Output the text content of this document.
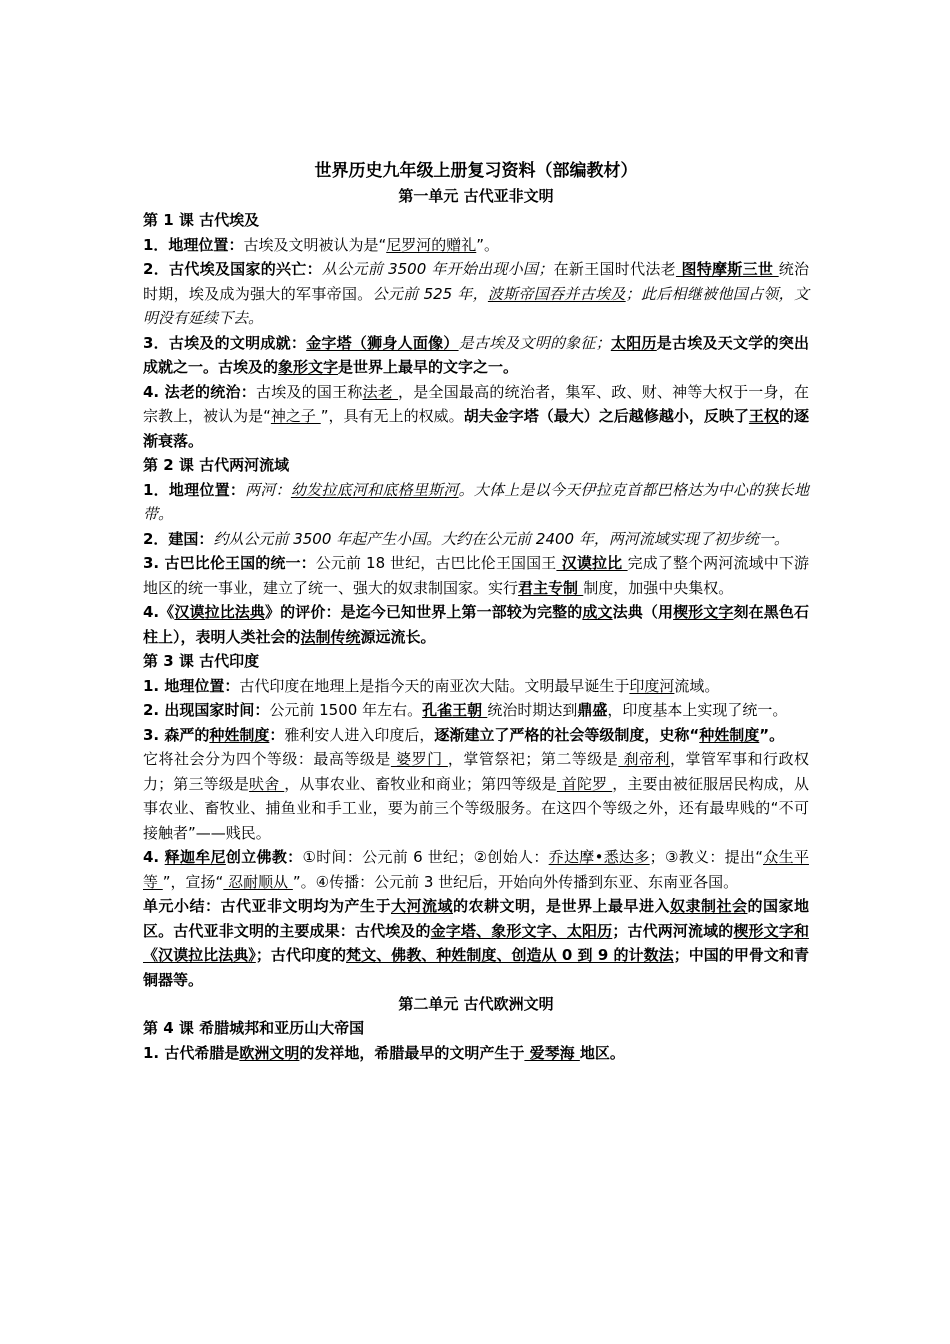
世界历史九年级上册复习资料（部编教材）
第一单元 古代亚非文明
第 1 课 古代埃及

1．地理位置：古埃及文明被认为是“尼罗河的赠礼”。

2．古代埃及国家的兴亡：从公元前 3500 年开始出现小国；在新王国时代法老 图特摩斯三世 统治时期，埃及成为强大的军事帝国。公元前 525 年，波斯帝国吞并古埃及；此后相继被他国占领，文明没有延续下去。

3．古埃及的文明成就：金字塔（狮身人面像）是古埃及文明的象征；太阳历是古埃及天文学的突出成就之一。古埃及的象形文字是世界上最早的文字之一。

4. 法老的统治：古埃及的国王称法老 ，是全国最高的统治者，集军、政、财、神等大权于一身，在宗教上，被认为是“神之子 ”，具有无上的权威。胡夫金字塔（最大）之后越修越小，反映了王权的逐渐衰落。

第 2 课 古代两河流域

1．地理位置：两河：幼发拉底河和底格里斯河。大体上是以今天伊拉克首都巴格达为中心的狭长地带。

2．建国：约从公元前 3500 年起产生小国。大约在公元前 2400 年，两河流域实现了初步统一。

3. 古巴比伦王国的统一：公元前 18 世纪，古巴比伦王国国王 汉谟拉比 完成了整个两河流域中下游地区的统一事业，建立了统一、强大的奴隶制国家。实行君主专制 制度，加强中央集权。

4.《汉谟拉比法典》的评价：是迄今已知世界上第一部较为完整的成文法典（用楔形文字刻在黑色石柱上），表明人类社会的法制传统源远流长。

第 3 课 古代印度

1. 地理位置：古代印度在地理上是指今天的南亚次大陆。文明最早诞生于印度河流域。

2. 出现国家时间：公元前 1500 年左右。孔雀王朝 统治时期达到鼎盛，印度基本上实现了统一。

3. 森严的种姓制度：雅利安人进入印度后，逐渐建立了严格的社会等级制度，史称“种姓制度”。

它将社会分为四个等级：最高等级是 婆罗门 ，掌管祭祀；第二等级是 刹帝利，掌管军事和行政权力；第三等级是吠舍 ，从事农业、畜牧业和商业；第四等级是 首陀罗 ，主要由被征服居民构成，从事农业、畜牧业、捕鱼业和手工业，要为前三个等级服务。在这四个等级之外，还有最卑贱的“不可接触者”——贱民。

4. 释迦牟尼创立佛教：①时间：公元前 6 世纪；②创始人：乔达摩•悉达多；③教义：提出“众生平等 ”，宣扬“ 忍耐顺从 ”。④传播：公元前 3 世纪后，开始向外传播到东亚、东南亚各国。

单元小结：古代亚非文明均为产生于大河流域的农耕文明，是世界上最早进入奴隶制社会的国家地区。古代亚非文明的主要成果：古代埃及的金字塔、象形文字、太阳历；古代两河流域的楔形文字和《汉谟拉比法典》；古代印度的梵文、佛教、种姓制度、创造从 0 到 9 的计数法；中国的甲骨文和青铜器等。

第二单元 古代欧洲文明
第 4 课 希腊城邦和亚历山大帝国

1. 古代希腊是欧洲文明的发祥地，希腊最早的文明产生于 爱琴海 地区。
